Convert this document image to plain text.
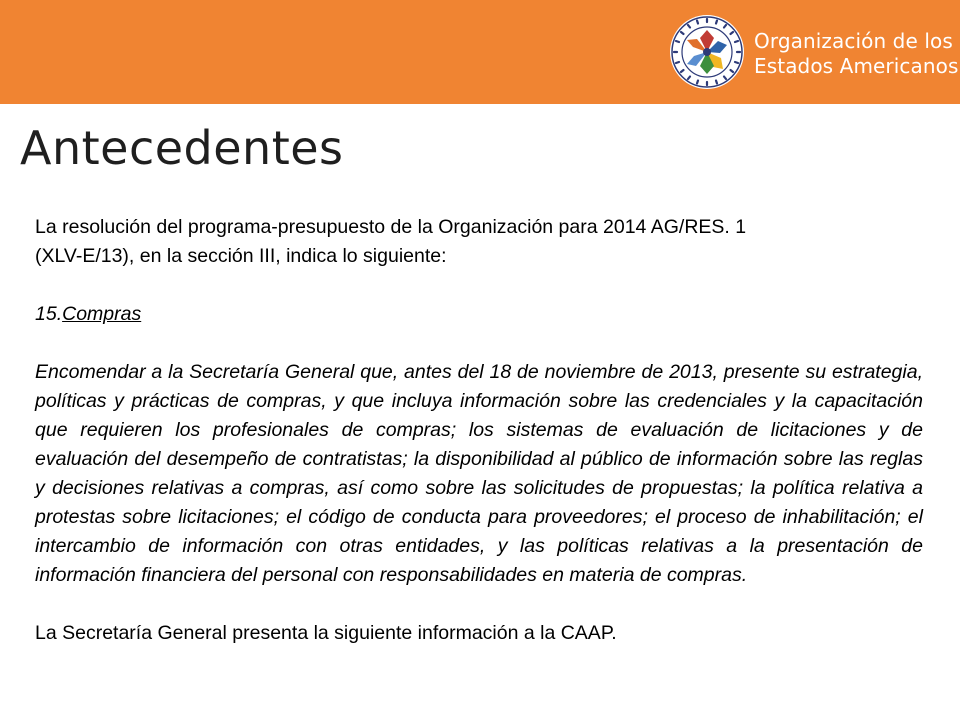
Organización de los
Estados Americanos
Antecedentes

La resolución del programa-presupuesto de la Organización para 2014 AG/RES. 1
(XLV-E/13), en la sección III, indica lo siguiente:

15.Compras

Encomendar a la Secretaría General que, antes del 18 de noviembre de 2013, presente su estrategia, políticas y prácticas de compras, y que incluya información sobre las credenciales y la capacitación que requieren los profesionales de compras; los sistemas de evaluación de licitaciones y de evaluación del desempeño de contratistas; la disponibilidad al público de información sobre las reglas y decisiones relativas a compras, así como sobre las solicitudes de propuestas; la política relativa a protestas sobre licitaciones; el código de conducta para proveedores; el proceso de inhabilitación; el intercambio de información con otras entidades, y las políticas relativas a la presentación de información financiera del personal con responsabilidades en materia de compras.

La Secretaría General presenta la siguiente información a la CAAP.
